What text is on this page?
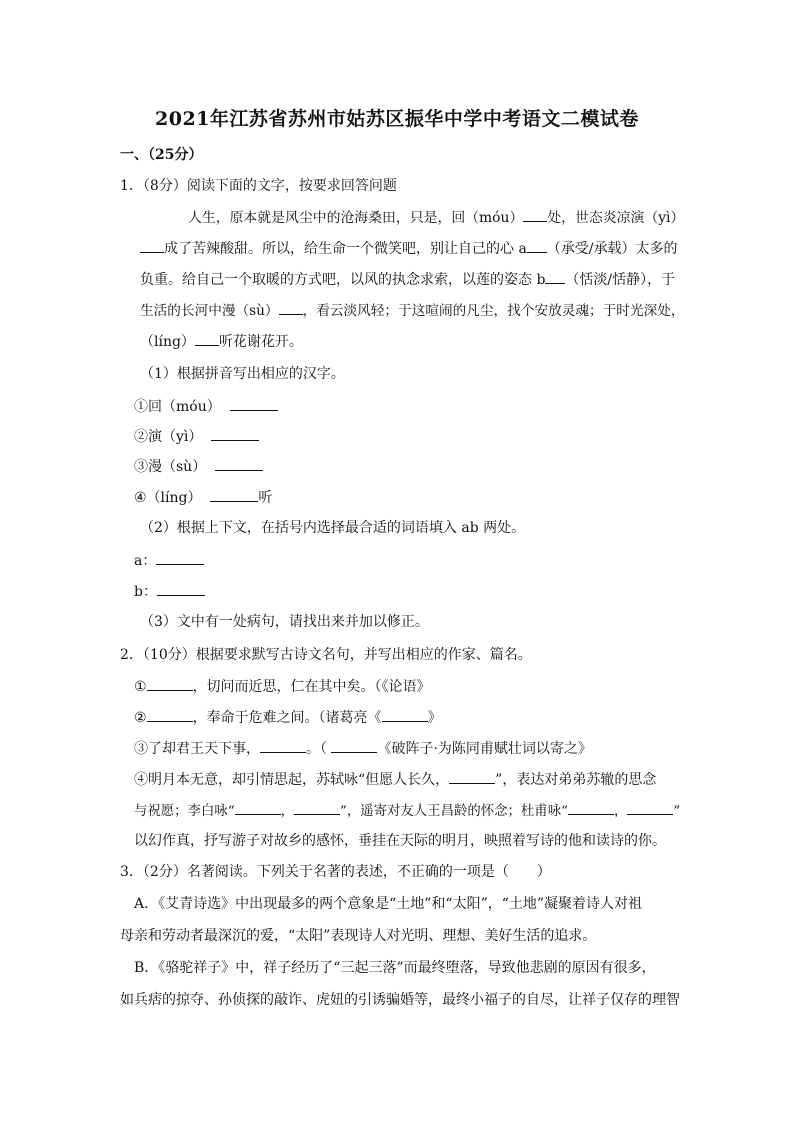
2021年江苏省苏州市姑苏区振华中学中考语文二模试卷
一、（25分）
1．（8分）阅读下面的文字，按要求回答问题
人生，原本就是风尘中的沧海桑田，只是，回（móu） 处，世态炎凉演（yì）
成了苦辣酸甜。所以，给生命一个微笑吧，别让自己的心 a （承受/承载）太多的
负重。给自己一个取暖的方式吧，以风的执念求索，以莲的姿态 b （恬淡/恬静），于
生活的长河中漫（sù） ，看云淡风轻；于这喧闹的凡尘，找个安放灵魂；于时光深处，
（líng） 听花谢花开。
（1）根据拼音写出相应的汉字。
①回（móu）
②演（yì）
③漫（sù）
④（líng）	听
（2）根据上下文，在括号内选择最合适的词语填入 ab 两处。
a：
b：
（3）文中有一处病句，请找出来并加以修正。
2．（10分）根据要求默写古诗文名句，并写出相应的作家、篇名。
①	，切问而近思，仁在其中矣。（《论语》
②	，奉命于危难之间。（诸葛亮《	》
③了却君王天下事，	。（	《破阵子·为陈同甫赋壮词以寄之》
④明月本无意，却引情思起，苏轼咏“但愿人长久，	”，表达对弟弟苏辙的思念
与祝愿；李白咏“	，	”，遥寄对友人王昌龄的怀念；杜甫咏“	，	”
以幻作真，抒写游子对故乡的感怀，垂挂在天际的明月，映照着写诗的他和读诗的你。
3．（2分）名著阅读。下列关于名著的表述，不正确的一项是（　　）
A．《艾青诗选》中出现最多的两个意象是“土地”和“太阳”，“土地”凝聚着诗人对祖
母亲和劳动者最深沉的爱，“太阳”表现诗人对光明、理想、美好生活的追求。
B．《骆驼祥子》中，祥子经历了“三起三落”而最终堕落，导致他悲剧的原因有很多，
如兵痞的掠夺、孙侦探的敲诈、虎妞的引诱骗婚等，最终小福子的自尽，让祥子仅存的理智
